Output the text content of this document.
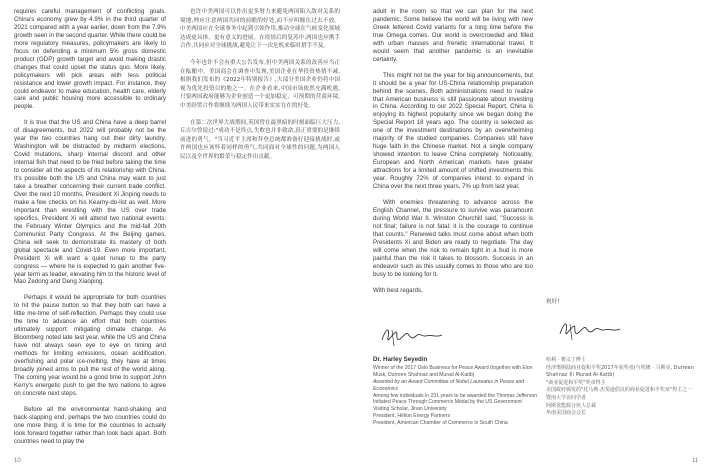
requires careful management of conflicting goals. China's economy grew by 4.9% in the third quarter of 2021 compared with a year earlier, down from the 7.9% growth seen in the second quarter. While there could be more regulatory measures, policymakers are likely to focus on defending a minimum 5% gross domestic product (GDP) growth target and avoid making drastic changes that could upset the status quo. More likely, policymakers will pick areas with less political resistance and lower growth impact. For instance, they could endeavor to make education, health care, elderly care and public housing more accessible to ordinary people.

It is true that the US and China have a deep barrel of disagreements, but 2022 will probably not be the year the two countries hang out their dirty laundry. Washington will be distracted by midterm elections, Covid mutations, sharp internal discord and other internal fish that need to be fried before taking the time to consider all the aspects of its relationship with China. It's possible both the US and China may want to just take a breather concerning their current trade conflict. Over the next 10 months, President Xi Jinping needs to make a few checks on his Kearny-do-list as well. More important than wrestling with the US over trade specifics, President Xi will attend two national events: the February Winter Olympics and the mid-fall 20th Communist Party Congress. At the Beijing games, China will seek to demonstrate its mastery of both global spectacle and Covid-19. Even more important, President Xi will want a quiet runup to the party congress — where he is expected to gain another five-year term as leader, elevating him to the historic level of Mao Zedong and Deng Xiaoping.

Perhaps it would be appropriate for both countries to hit the pause button so that they both can have a little me-time of self-reflection. Perhaps they could use the time to advance an effort that both countries ultimately support: mitigating climate change. As Bloomberg noted late last year, while the US and China have not always seen eye to eye on timing and methods for limiting emissions, ocean acidification, overfishing and polar ice-melting, they have at times broadly joined arms to pull the rest of the world along. The coming year would be a good time to support John Kerry's energetic push to get the two nations to agree on concrete next steps.

Before all the environmental hand-shaking and back-slapping end, perhaps the two countries could do one more thing. It is time for the countries to actually look forward together rather than look back apart. Both countries need to play the

也许中美两国可以作出更多努力来避免两国陷入敌对关系的境地,理应注意两国共同的前瞻的好处,而不应纠缠在过去不放。中美两国应在全球事务中起到引领作用,推动全球在气候变化领域达成更具体、更有意义的进展。在疫情后的复苏中,两国也应携手合作,共同应对全球挑战,避免让下一次危机来临时措手不及。

今年也许不会有重大公告发布,但中美两国关系的改善应当正在酝酿中。美国商会在调查中发现,美国企业在华投资热情不减,根据我们发布的《2022年特别报告》,大部分美国企业仍将中国视为优先投资目的地之一。在企业看来,中国市场依然充满机遇,只要两国政府能够为企业创造一个更加稳定、可预期的营商环境,中美经贸合作将继续为两国人民带来实实在在的好处。

在第二次世界大战期间,英国曾在最黑暗的时刻面临巨大压力,丘吉尔曾说过:"成功不是终点,失败也并非致命,真正重要的是继续前进的勇气。"当习近平主席和拜登总统都准备好迎接挑战时,或许两国也应该怀着同样的勇气,共同面对全球性的问题,为两国人民以及全世界的繁荣与稳定作出贡献。

adult in the room so that we can plan for the next pandemic. Some believe the world will be living with new Greek lettered Covid variants for a long time before the true Omega comes. Our world is overcrowded and filled with urban masses and frenetic international travel. It would seem that another pandemic is an inevitable certainty.

This might not be the year for big announcements, but it should be a year for US-China relationship preparation behind the scenes. Both administrations need to realize that American business is still passionate about investing in China. According to our 2022 Special Report, China is enjoying its highest popularity since we began doing the Special Report 18 years ago. The country is selected as one of the investment destinations by an overwhelming majority of the studied companies. Companies still have huge faith in the Chinese market. Not a single company showed intention to leave China completely. Noticeably, European and North American markets have greater attractions for a limited amount of shifted investments this year. Roughly 72% of companies intend to expand in China over the next three years, 7% up from last year.

With enemies threatening to advance across the English Channel, the pressure to survive was paramount during World War II. Winston Churchill said, "Success is not final; failure is not fatal; it is the courage to continue that counts." Renewed talks must come about when both Presidents Xi and Biden are ready to negotiate. The day will come when the risk to remain tight in a bud is more painful than the risk it takes to blossom. Success in an endeavor such as this usually comes to those who are too busy to be looking for it.

With best regards,

祝好!

Dr. Harley Seyedin
Winner of the 2017 Oslo Business for Peace Award (together with Elon Musk, Durreen Shahnaz and Murad Al-Katib)
Awarded by an Award Committee of Nobel Laureates in Peace and Economics
Among few individuals in 231 years to be awarded the Thomas Jefferson Initiated Peace Through Commerce Medal by the US Government
Visiting Scholar, Jinan University
President, Hélion Energy Partners
President, American Chamber of Commerce in South China
哈利 · 赛义丁博士
经济奥斯陆商业促和平奖2017年获奖者(与埃隆 · 马斯克, Durreen Shahnaz 和 Murad Al-Katib)
"商业促进和平奖"奖章得主
美国政府颁发的"托马斯·杰斐逊倡议的商业促进和平奖章"得主之一
暨南大学访问学者
阿斯龙能源合伙人总裁
华南美国商会会长
10	11
